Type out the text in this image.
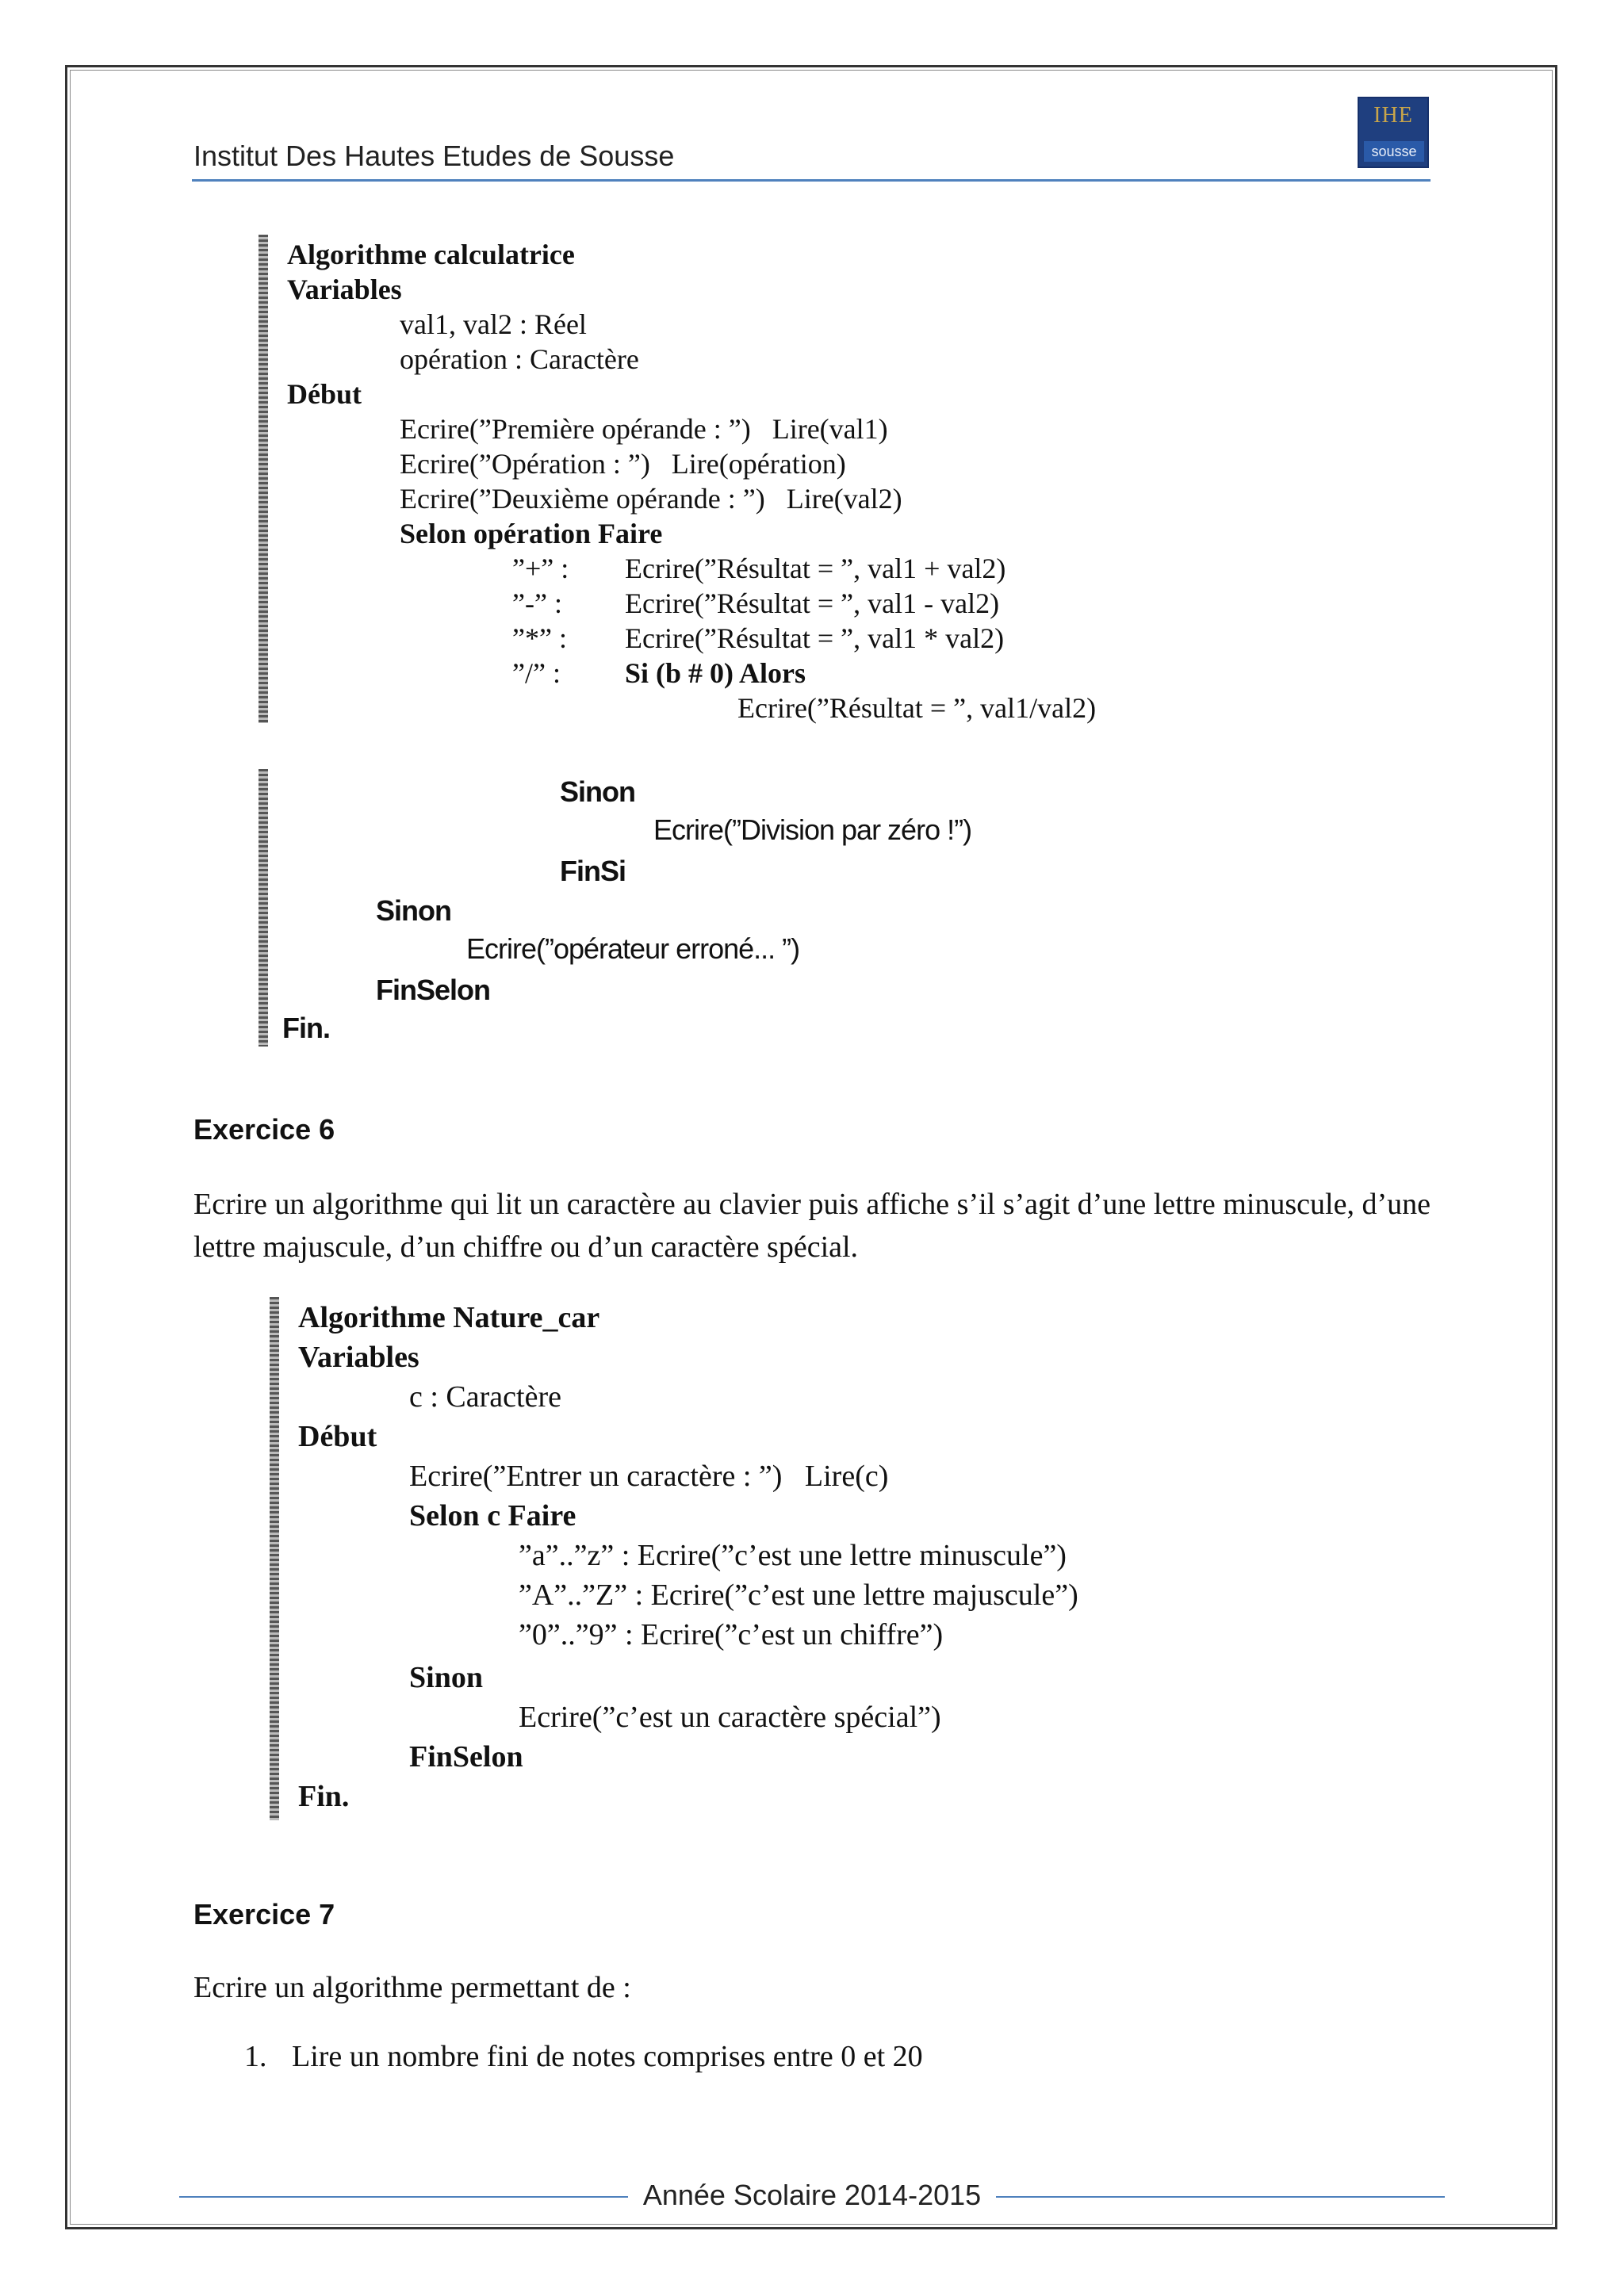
Institut Des Hautes Etudes de Sousse
IHE
sousse
Algorithme calculatrice
Variables
val1, val2 : Réel
opération : Caractère
Début
Ecrire(”Première opérande : ”)   Lire(val1)
Ecrire(”Opération : ”)   Lire(opération)
Ecrire(”Deuxième opérande : ”)   Lire(val2)
Selon opération Faire
”+” : Ecrire(”Résultat = ”, val1 + val2)
”-” : Ecrire(”Résultat = ”, val1 - val2)
”*” : Ecrire(”Résultat = ”, val1 * val2)
”/” : Si (b # 0) Alors
Ecrire(”Résultat = ”, val1/val2)
Sinon
Ecrire(”Division par zéro !”)
FinSi
Sinon
Ecrire(”opérateur erroné... ”)
FinSelon
Fin.
Exercice 6
Ecrire un algorithme qui lit un caractère au clavier puis affiche s’il s’agit d’une lettre minuscule, d’une lettre majuscule, d’un chiffre ou d’un caractère spécial.
Algorithme Nature_car
Variables
c : Caractère
Début
Ecrire(”Entrer un caractère : ”)   Lire(c)
Selon c Faire
”a”..”z” : Ecrire(”c’est une lettre minuscule”)
”A”..”Z” : Ecrire(”c’est une lettre majuscule”)
”0”..”9” : Ecrire(”c’est un chiffre”)
Sinon
Ecrire(”c’est un caractère spécial”)
FinSelon
Fin.
Exercice 7
Ecrire un algorithme permettant de :
1. Lire un nombre fini de notes comprises entre 0 et 20
Année Scolaire 2014-2015
